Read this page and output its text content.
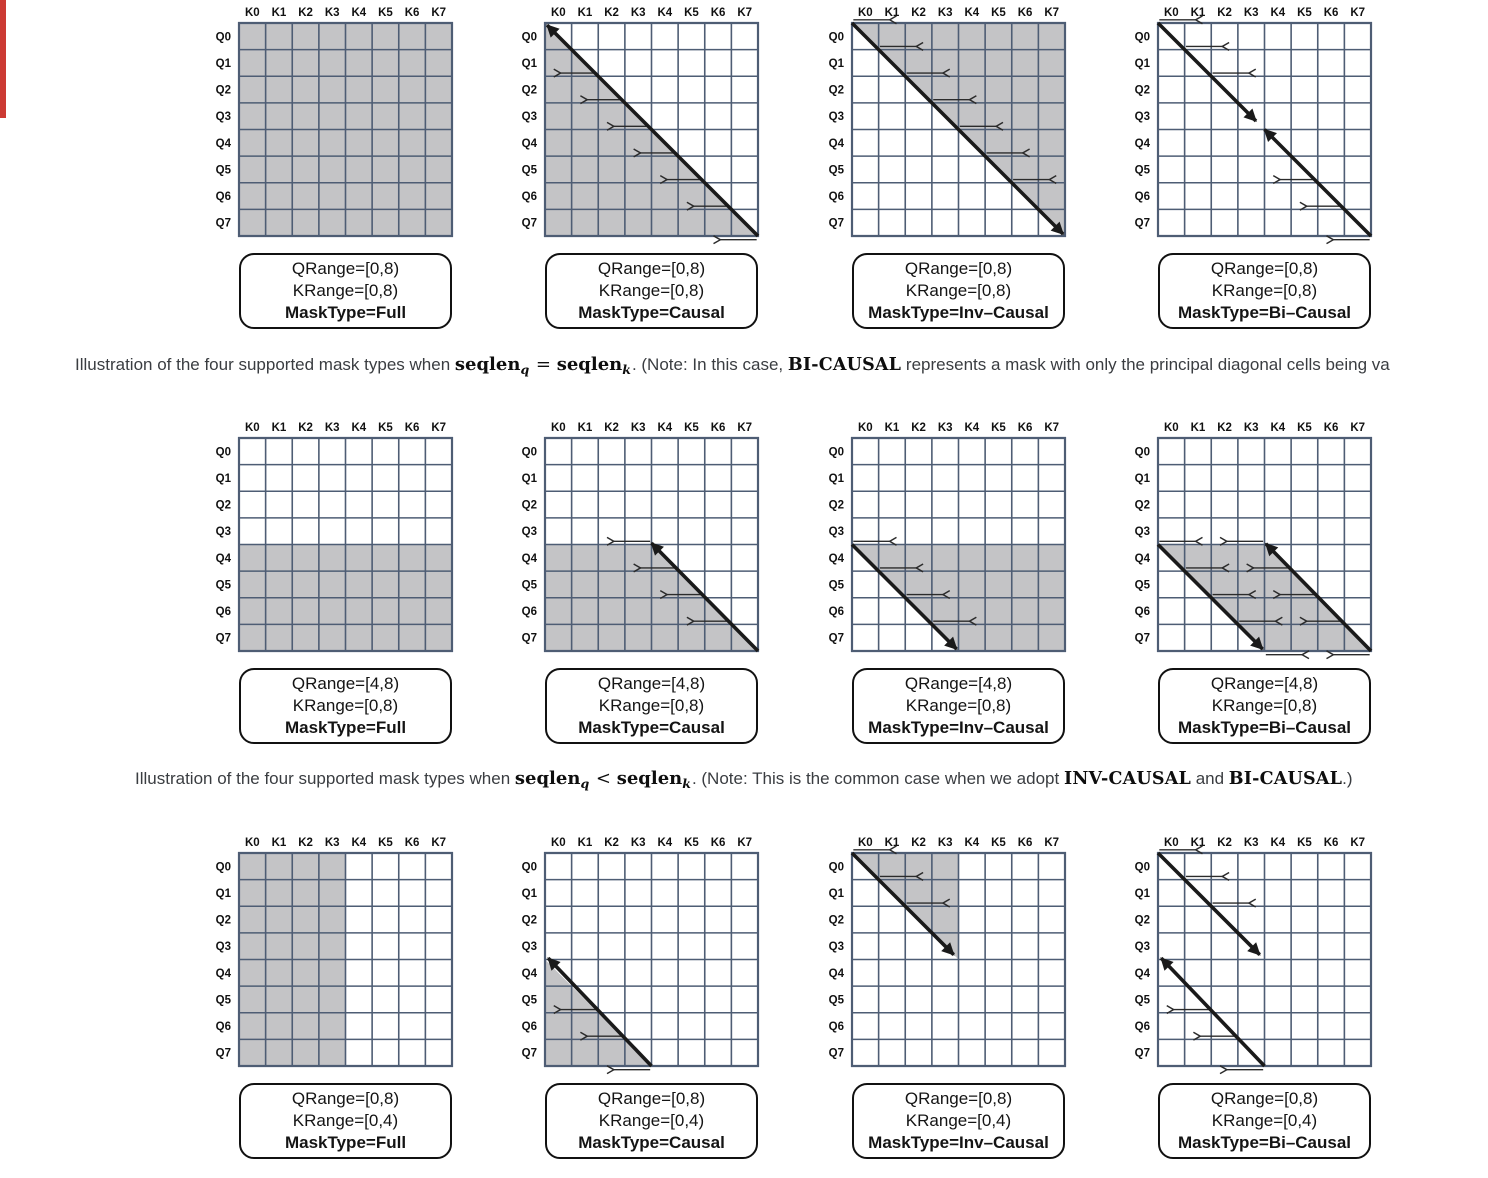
K0 K1 K2 K3 K4 K5 K6 K7
Q0
Q1
Q2
Q3
Q4
Q5
Q6
Q7
QRange=[0,8)
KRange=[0,8)
MaskType=Full
K0 K1 K2 K3 K4 K5 K6 K7
Q0
Q1
Q2
Q3
Q4
Q5
Q6
Q7
QRange=[0,8)
KRange=[0,8)
MaskType=Causal
K0 K1 K2 K3 K4 K5 K6 K7
Q0
Q1
Q2
Q3
Q4
Q5
Q6
Q7
QRange=[0,8)
KRange=[0,8)
MaskType=Inv–Causal
K0 K1 K2 K3 K4 K5 K6 K7
Q0
Q1
Q2
Q3
Q4
Q5
Q6
Q7
QRange=[0,8)
KRange=[0,8)
MaskType=Bi–Causal
K0 K1 K2 K3 K4 K5 K6 K7
Q0
Q1
Q2
Q3
Q4
Q5
Q6
Q7
QRange=[4,8)
KRange=[0,8)
MaskType=Full
K0 K1 K2 K3 K4 K5 K6 K7
Q0
Q1
Q2
Q3
Q4
Q5
Q6
Q7
QRange=[4,8)
KRange=[0,8)
MaskType=Causal
K0 K1 K2 K3 K4 K5 K6 K7
Q0
Q1
Q2
Q3
Q4
Q5
Q6
Q7
QRange=[4,8)
KRange=[0,8)
MaskType=Inv–Causal
K0 K1 K2 K3 K4 K5 K6 K7
Q0
Q1
Q2
Q3
Q4
Q5
Q6
Q7
QRange=[4,8)
KRange=[0,8)
MaskType=Bi–Causal
K0 K1 K2 K3 K4 K5 K6 K7
Q0
Q1
Q2
Q3
Q4
Q5
Q6
Q7
QRange=[0,8)
KRange=[0,4)
MaskType=Full
K0 K1 K2 K3 K4 K5 K6 K7
Q0
Q1
Q2
Q3
Q4
Q5
Q6
Q7
QRange=[0,8)
KRange=[0,4)
MaskType=Causal
K0 K1 K2 K3 K4 K5 K6 K7
Q0
Q1
Q2
Q3
Q4
Q5
Q6
Q7
QRange=[0,8)
KRange=[0,4)
MaskType=Inv–Causal
K0 K1 K2 K3 K4 K5 K6 K7
Q0
Q1
Q2
Q3
Q4
Q5
Q6
Q7
QRange=[0,8)
KRange=[0,4)
MaskType=Bi–Causal
Illustration of the four supported mask types when seqlen$_q$ = seqlen$_k$. (Note: In this case, BI-CAUSAL represents a mask with only the principal diagonal cells being va
Illustration of the four supported mask types when seqlen$_q$ < seqlen$_k$. (Note: This is the common case when we adopt INV-CAUSAL and BI-CAUSAL.)
